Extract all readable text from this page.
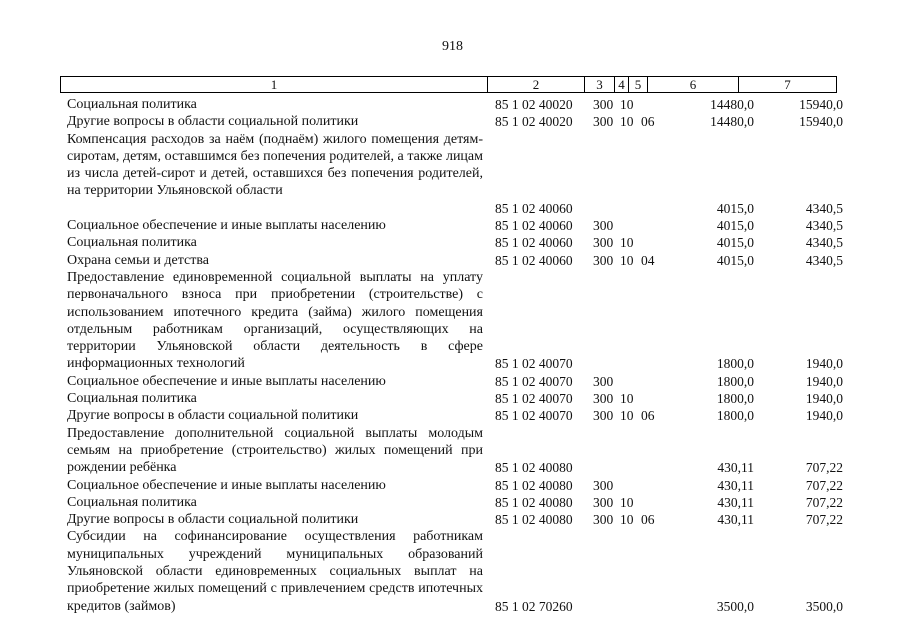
918
1	2	3	4 5	6	7
Социальная политика	85 1 02 40020 300 10	14480,0	15940,0
Другие вопросы в области социальной политики	85 1 02 40020 300 10 06	14480,0	15940,0
Компенсация расходов за наём (поднаём) жилого помещения детям-сиротам, детям, оставшимся без попечения родителей, а также лицам из числа детей-сирот и детей, оставшихся без попечения родителей, на территории Ульяновской области
85 1 02 40060	4015,0	4340,5
Социальное обеспечение и иные выплаты населению	85 1 02 40060 300	4015,0	4340,5
Социальная политика	85 1 02 40060 300 10	4015,0	4340,5
Охрана семьи и детства	85 1 02 40060 300 10 04	4015,0	4340,5
Предоставление единовременной социальной выплаты на уплату первоначального взноса при приобретении (строительстве) с использованием ипотечного кредита (займа) жилого помещения отдельным работникам организаций, осуществляющих на территории Ульяновской области деятельность в сфере информационных технологий	85 1 02 40070	1800,0	1940,0
Социальное обеспечение и иные выплаты населению	85 1 02 40070 300	1800,0	1940,0
Социальная политика	85 1 02 40070 300 10	1800,0	1940,0
Другие вопросы в области социальной политики	85 1 02 40070 300 10 06	1800,0	1940,0
Предоставление дополнительной социальной выплаты молодым семьям на приобретение (строительство) жилых помещений при рождении ребёнка	85 1 02 40080	430,11	707,22
Социальное обеспечение и иные выплаты населению	85 1 02 40080 300	430,11	707,22
Социальная политика	85 1 02 40080 300 10	430,11	707,22
Другие вопросы в области социальной политики	85 1 02 40080 300 10 06	430,11	707,22
Субсидии на софинансирование осуществления работникам муниципальных учреждений муниципальных образований Ульяновской области единовременных социальных выплат на приобретение жилых помещений с привлечением средств ипотечных кредитов (займов)	85 1 02 70260	3500,0	3500,0
